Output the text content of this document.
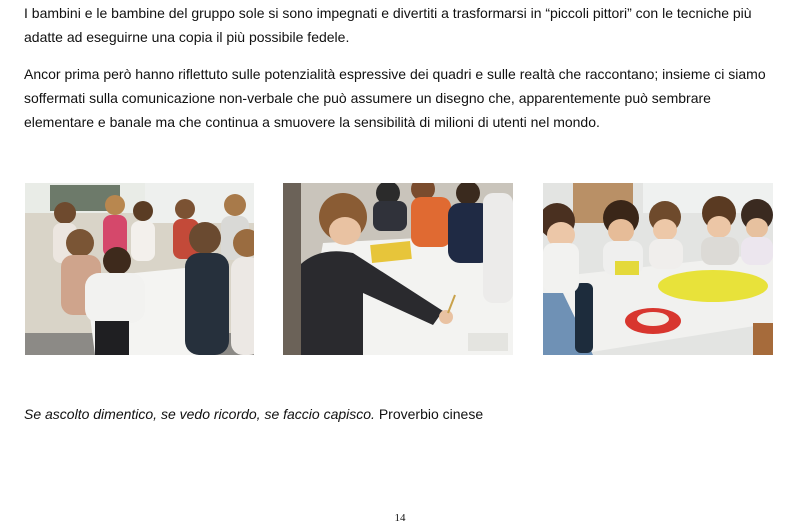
I bambini e le bambine del gruppo sole si sono impegnati e divertiti a trasformarsi in “piccoli pittori” con le tecniche più adatte ad eseguirne una copia il più possibile fedele.

Ancor prima però hanno riflettuto sulle potenzialità espressive dei quadri e sulle realtà che raccontano; insieme ci siamo soffermati sulla comunicazione non-verbale che può assumere un disegno che, apparentemente può sembrare elementare e banale ma che continua a smuovere la sensibilità di milioni di utenti nel mondo.

Se ascolto dimentico, se vedo ricordo, se faccio capisco. Proverbio cinese
14
